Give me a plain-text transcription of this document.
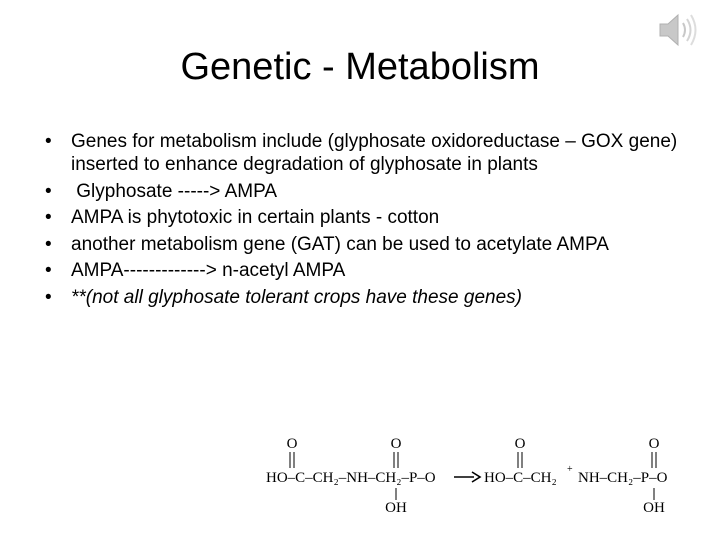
Genetic - Metabolism
•	Genes for metabolism include (glyphosate oxidoreductase – GOX gene) inserted to enhance degradation of glyphosate in plants
•	Glyphosate -----> AMPA
•	AMPA is phytotoxic in certain plants - cotton
•	another metabolism gene (GAT) can be used to acetylate AMPA
•	AMPA-------------> n-acetyl AMPA
•	**(not all glyphosate tolerant crops have these genes)
O	O
HO–C–CH₂–NH–CH₂–P–O
OH
O
HO–C–CH₂
+
O
NH–CH₂–P–O
OH
